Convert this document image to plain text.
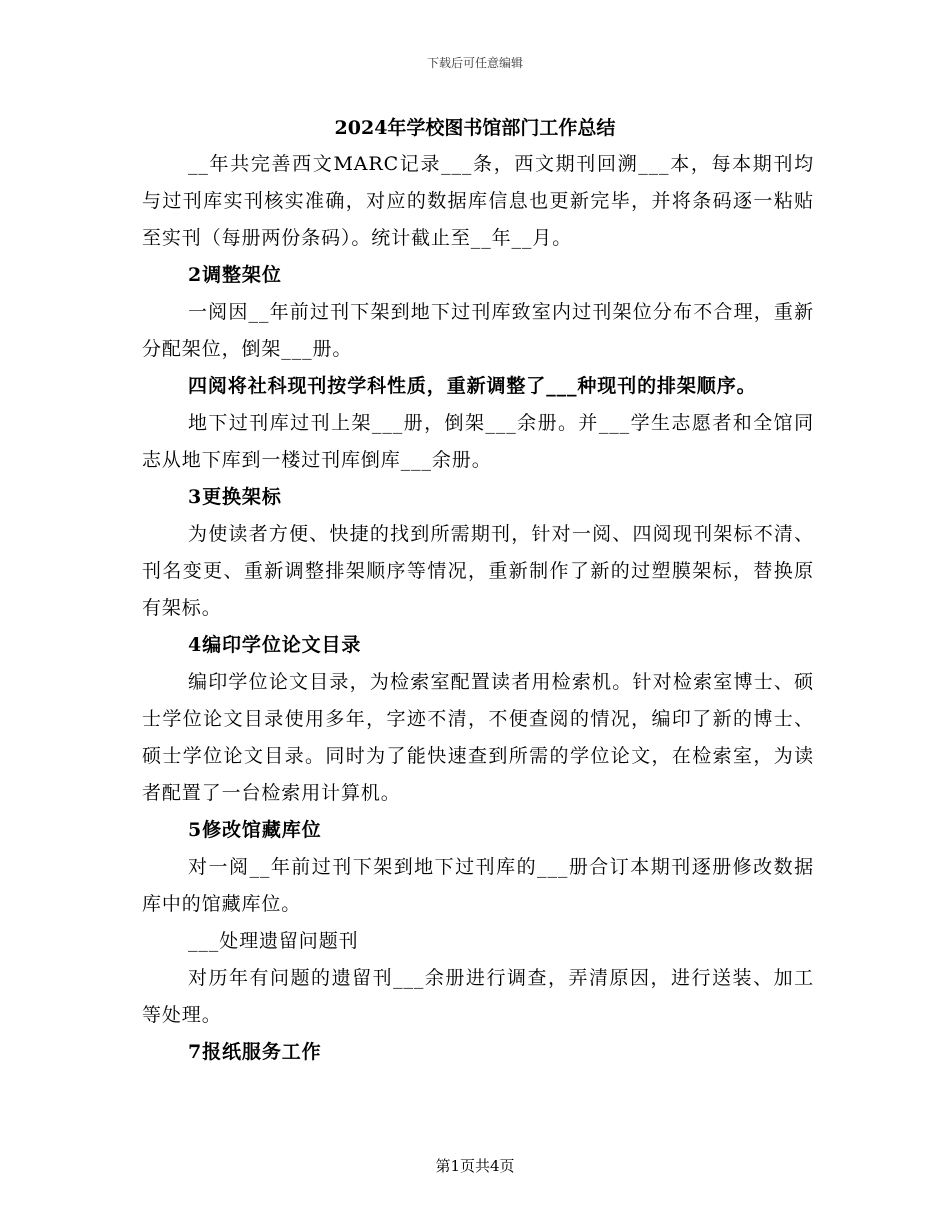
下载后可任意编辑
2024年学校图书馆部门工作总结

__年共完善西文MARC记录___条，西文期刊回溯___本，每本期刊均与过刊库实刊核实准确，对应的数据库信息也更新完毕，并将条码逐一粘贴至实刊（每册两份条码）。统计截止至__年__月。

2调整架位

一阅因__年前过刊下架到地下过刊库致室内过刊架位分布不合理，重新分配架位，倒架___册。

四阅将社科现刊按学科性质，重新调整了___种现刊的排架顺序。

地下过刊库过刊上架___册，倒架___余册。并___学生志愿者和全馆同志从地下库到一楼过刊库倒库___余册。

3更换架标

为使读者方便、快捷的找到所需期刊，针对一阅、四阅现刊架标不清、刊名变更、重新调整排架顺序等情况，重新制作了新的过塑膜架标，替换原有架标。

4编印学位论文目录

编印学位论文目录，为检索室配置读者用检索机。针对检索室博士、硕士学位论文目录使用多年，字迹不清，不便查阅的情况，编印了新的博士、硕士学位论文目录。同时为了能快速查到所需的学位论文，在检索室，为读者配置了一台检索用计算机。

5修改馆藏库位

对一阅__年前过刊下架到地下过刊库的___册合订本期刊逐册修改数据库中的馆藏库位。

___处理遗留问题刊

对历年有问题的遗留刊___余册进行调查，弄清原因，进行送装、加工等处理。

7报纸服务工作

第1页共4页
